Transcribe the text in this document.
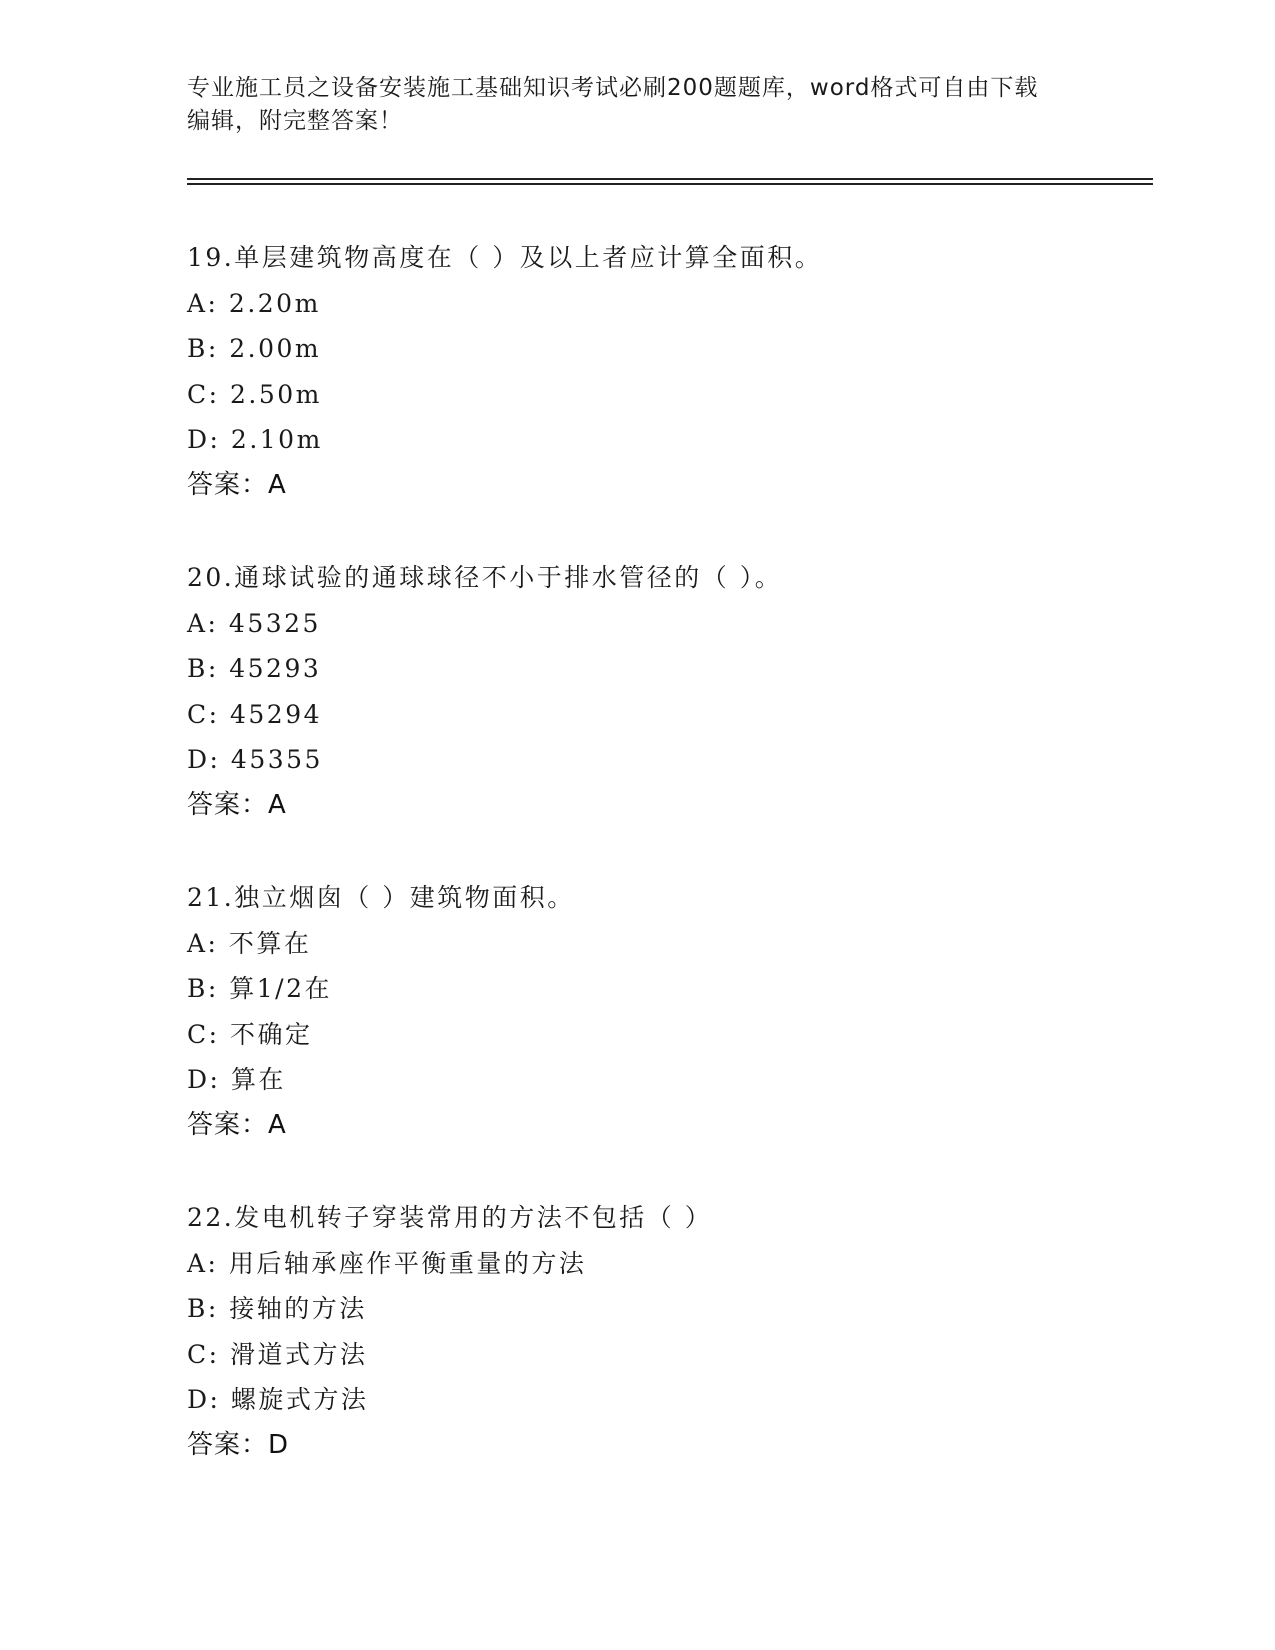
专业施工员之设备安装施工基础知识考试必刷200题题库，word格式可自由下载
编辑，附完整答案！
19.单层建筑物高度在（ ）及以上者应计算全面积。
A: 2.20m
B: 2.00m
C: 2.50m
D: 2.10m
答案：A
20.通球试验的通球球径不小于排水管径的（ ）。
A: 45325
B: 45293
C: 45294
D: 45355
答案：A
21.独立烟囱（ ）建筑物面积。
A: 不算在
B: 算1/2在
C: 不确定
D: 算在
答案：A
22.发电机转子穿装常用的方法不包括（ ）
A: 用后轴承座作平衡重量的方法
B: 接轴的方法
C: 滑道式方法
D: 螺旋式方法
答案：D
